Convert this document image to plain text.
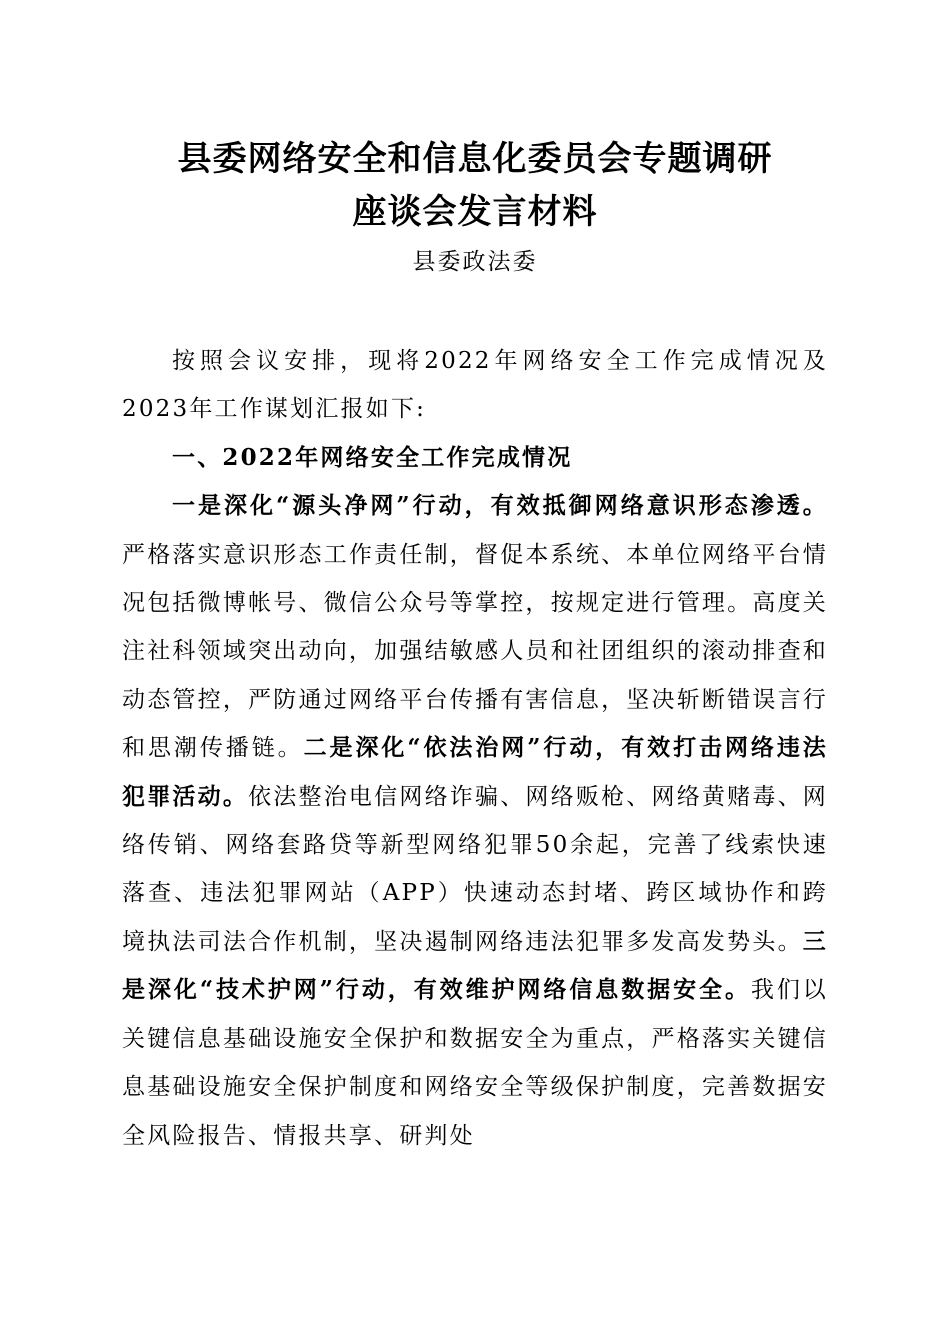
县委网络安全和信息化委员会专题调研
座谈会发言材料
县委政法委

按照会议安排，现将2022年网络安全工作完成情况及2023年工作谋划汇报如下:

一、2022年网络安全工作完成情况

一是深化“源头净网”行动，有效抵御网络意识形态渗透。严格落实意识形态工作责任制，督促本系统、本单位网络平台情况包括微博帐号、微信公众号等掌控，按规定进行管理。高度关注社科领域突出动向，加强结敏感人员和社团组织的滚动排查和动态管控，严防通过网络平台传播有害信息，坚决斩断错误言行和思潮传播链。二是深化“依法治网”行动，有效打击网络违法犯罪活动。依法整治电信网络诈骗、网络贩枪、网络黄赌毒、网络传销、网络套路贷等新型网络犯罪50余起，完善了线索快速落查、违法犯罪网站（APP）快速动态封堵、跨区域协作和跨境执法司法合作机制，坚决遏制网络违法犯罪多发高发势头。三是深化“技术护网”行动，有效维护网络信息数据安全。我们以关键信息基础设施安全保护和数据安全为重点，严格落实关键信息基础设施安全保护制度和网络安全等级保护制度，完善数据安全风险报告、情报共享、研判处
